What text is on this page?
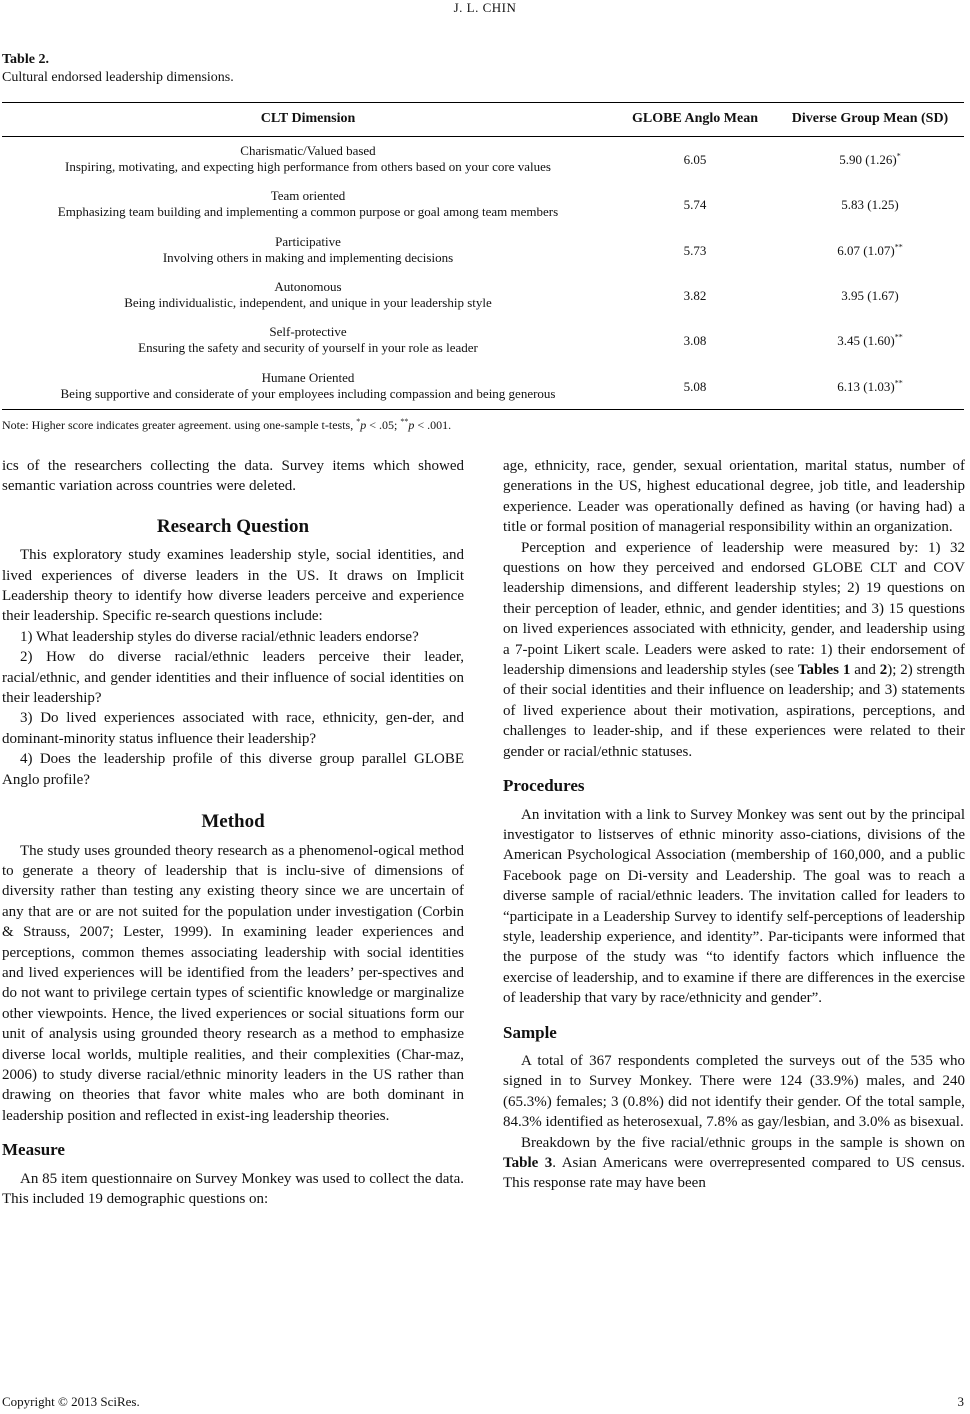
J. L. CHIN
Table 2.
Cultural endorsed leadership dimensions.
CLT Dimension	GLOBE Anglo Mean	Diverse Group Mean (SD)
Charismatic/Valued based
Inspiring, motivating, and expecting high performance from others based on your core values	6.05	5.90 (1.26)*
Team oriented
Emphasizing team building and implementing a common purpose or goal among team members	5.74	5.83 (1.25)
Participative
Involving others in making and implementing decisions	5.73	6.07 (1.07)**
Autonomous
Being individualistic, independent, and unique in your leadership style	3.82	3.95 (1.67)
Self-protective
Ensuring the safety and security of yourself in your role as leader	3.08	3.45 (1.60)**
Humane Oriented
Being supportive and considerate of your employees including compassion and being generous	5.08	6.13 (1.03)**
Note: Higher score indicates greater agreement. using one-sample t-tests, *p < .05; **p < .001.

ics of the researchers collecting the data. Survey items which showed semantic variation across countries were deleted.

Research Question

This exploratory study examines leadership style, social identities, and lived experiences of diverse leaders in the US. It draws on Implicit Leadership theory to identify how diverse leaders perceive and experience their leadership. Specific re-search questions include:

1) What leadership styles do diverse racial/ethnic leaders endorse?

2) How do diverse racial/ethnic leaders perceive their leader, racial/ethnic, and gender identities and their influence of social identities on their leadership?

3) Do lived experiences associated with race, ethnicity, gen-der, and dominant-minority status influence their leadership?

4) Does the leadership profile of this diverse group parallel GLOBE Anglo profile?

Method

The study uses grounded theory research as a phenomenol-ogical method to generate a theory of leadership that is inclu-sive of dimensions of diversity rather than testing any existing theory since we are uncertain of any that are or are not suited for the population under investigation (Corbin & Strauss, 2007; Lester, 1999). In examining leader experiences and perceptions, common themes associating leadership with social identities and lived experiences will be identified from the leaders’ per-spectives and do not want to privilege certain types of scientific knowledge or marginalize other viewpoints. Hence, the lived experiences or social situations form our unit of analysis using grounded theory research as a method to emphasize diverse local worlds, multiple realities, and their complexities (Char-maz, 2006) to study diverse racial/ethnic minority leaders in the US rather than drawing on theories that favor white males who are both dominant in leadership position and reflected in exist-ing leadership theories.

Measure

An 85 item questionnaire on Survey Monkey was used to collect the data. This included 19 demographic questions on:

age, ethnicity, race, gender, sexual orientation, marital status, number of generations in the US, highest educational degree, job title, and leadership experience. Leader was operationally defined as having (or having had) a title or formal position of managerial responsibility within an organization.

Perception and experience of leadership were measured by: 1) 32 questions on how they perceived and endorsed GLOBE CLT and COV leadership dimensions, and different leadership styles; 2) 19 questions on their perception of leader, ethnic, and gender identities; and 3) 15 questions on lived experiences associated with ethnicity, gender, and leadership using a 7-point Likert scale. Leaders were asked to rate: 1) their endorsement of leadership dimensions and leadership styles (see Tables 1 and 2); 2) strength of their social identities and their influence on leadership; and 3) statements of lived experience about their motivation, aspirations, perceptions, and challenges to leader-ship, and if these experiences were related to their gender or racial/ethnic statuses.

Procedures

An invitation with a link to Survey Monkey was sent out by the principal investigator to listserves of ethnic minority asso-ciations, divisions of the American Psychological Association (membership of 160,000, and a public Facebook page on Di-versity and Leadership. The goal was to reach a diverse sample of racial/ethnic leaders. The invitation called for leaders to “participate in a Leadership Survey to identify self-perceptions of leadership style, leadership experience, and identity”. Par-ticipants were informed that the purpose of the study was “to identify factors which influence the exercise of leadership, and to examine if there are differences in the exercise of leadership that vary by race/ethnicity and gender”.

Sample

A total of 367 respondents completed the surveys out of the 535 who signed in to Survey Monkey. There were 124 (33.9%) males, and 240 (65.3%) females; 3 (0.8%) did not identify their gender. Of the total sample, 84.3% identified as heterosexual, 7.8% as gay/lesbian, and 3.0% as bisexual.

Breakdown by the five racial/ethnic groups in the sample is shown on Table 3. Asian Americans were overrepresented compared to US census. This response rate may have been

Copyright © 2013 SciRes.	3
